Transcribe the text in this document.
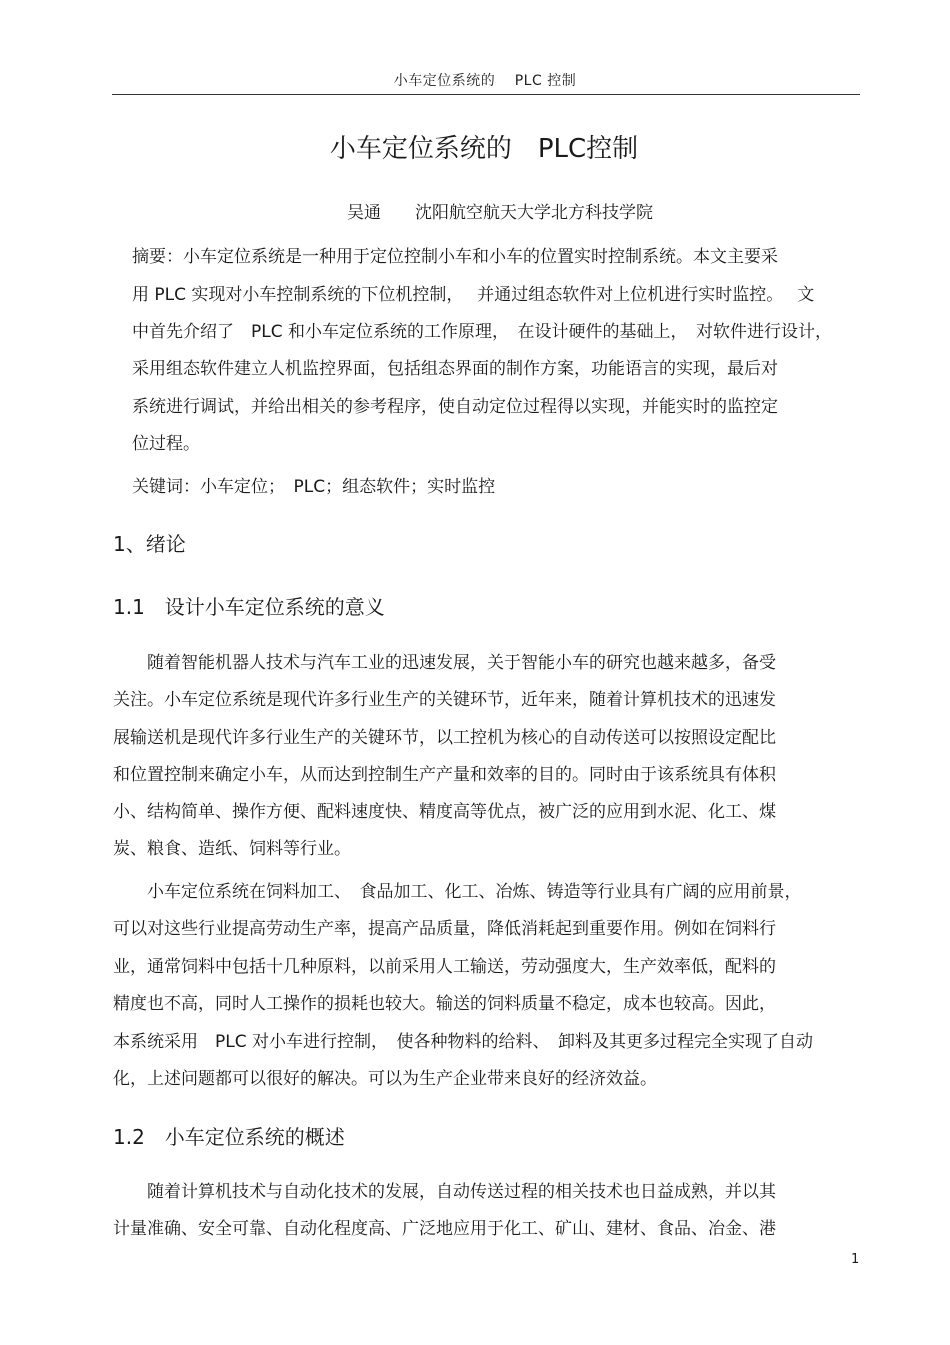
小车定位系统的　 PLC 控制
小车定位系统的　PLC控制
吴通　　沈阳航空航天大学北方科技学院
摘要：小车定位系统是一种用于定位控制小车和小车的位置实时控制系统。本文主要采
用 PLC 实现对小车控制系统的下位机控制，　 并通过组态软件对上位机进行实时监控。　 文
中首先介绍了　PLC 和小车定位系统的工作原理，　在设计硬件的基础上，　对软件进行设计，
采用组态软件建立人机监控界面，包括组态界面的制作方案，功能语言的实现，最后对
系统进行调试，并给出相关的参考程序，使自动定位过程得以实现，并能实时的监控定
位过程。
关键词：小车定位；　PLC；组态软件；实时监控
1、绪论
1.1　设计小车定位系统的意义
　　随着智能机器人技术与汽车工业的迅速发展，关于智能小车的研究也越来越多，备受
关注。小车定位系统是现代许多行业生产的关键环节，近年来，随着计算机技术的迅速发
展输送机是现代许多行业生产的关键环节，以工控机为核心的自动传送可以按照设定配比
和位置控制来确定小车，从而达到控制生产产量和效率的目的。同时由于该系统具有体积
小、结构简单、操作方便、配料速度快、精度高等优点，被广泛的应用到水泥、化工、煤
炭、粮食、造纸、饲料等行业。
　　小车定位系统在饲料加工、　食品加工、化工、冶炼、铸造等行业具有广阔的应用前景，
可以对这些行业提高劳动生产率，提高产品质量，降低消耗起到重要作用。例如在饲料行
业，通常饲料中包括十几种原料，以前采用人工输送，劳动强度大，生产效率低，配料的
精度也不高，同时人工操作的损耗也较大。输送的饲料质量不稳定，成本也较高。因此，
本系统采用　PLC 对小车进行控制，　使各种物料的给料、　卸料及其更多过程完全实现了自动
化，上述问题都可以很好的解决。可以为生产企业带来良好的经济效益。
1.2　小车定位系统的概述
　　随着计算机技术与自动化技术的发展，自动传送过程的相关技术也日益成熟，并以其
计量准确、安全可靠、自动化程度高、广泛地应用于化工、矿山、建材、食品、冶金、港
1
